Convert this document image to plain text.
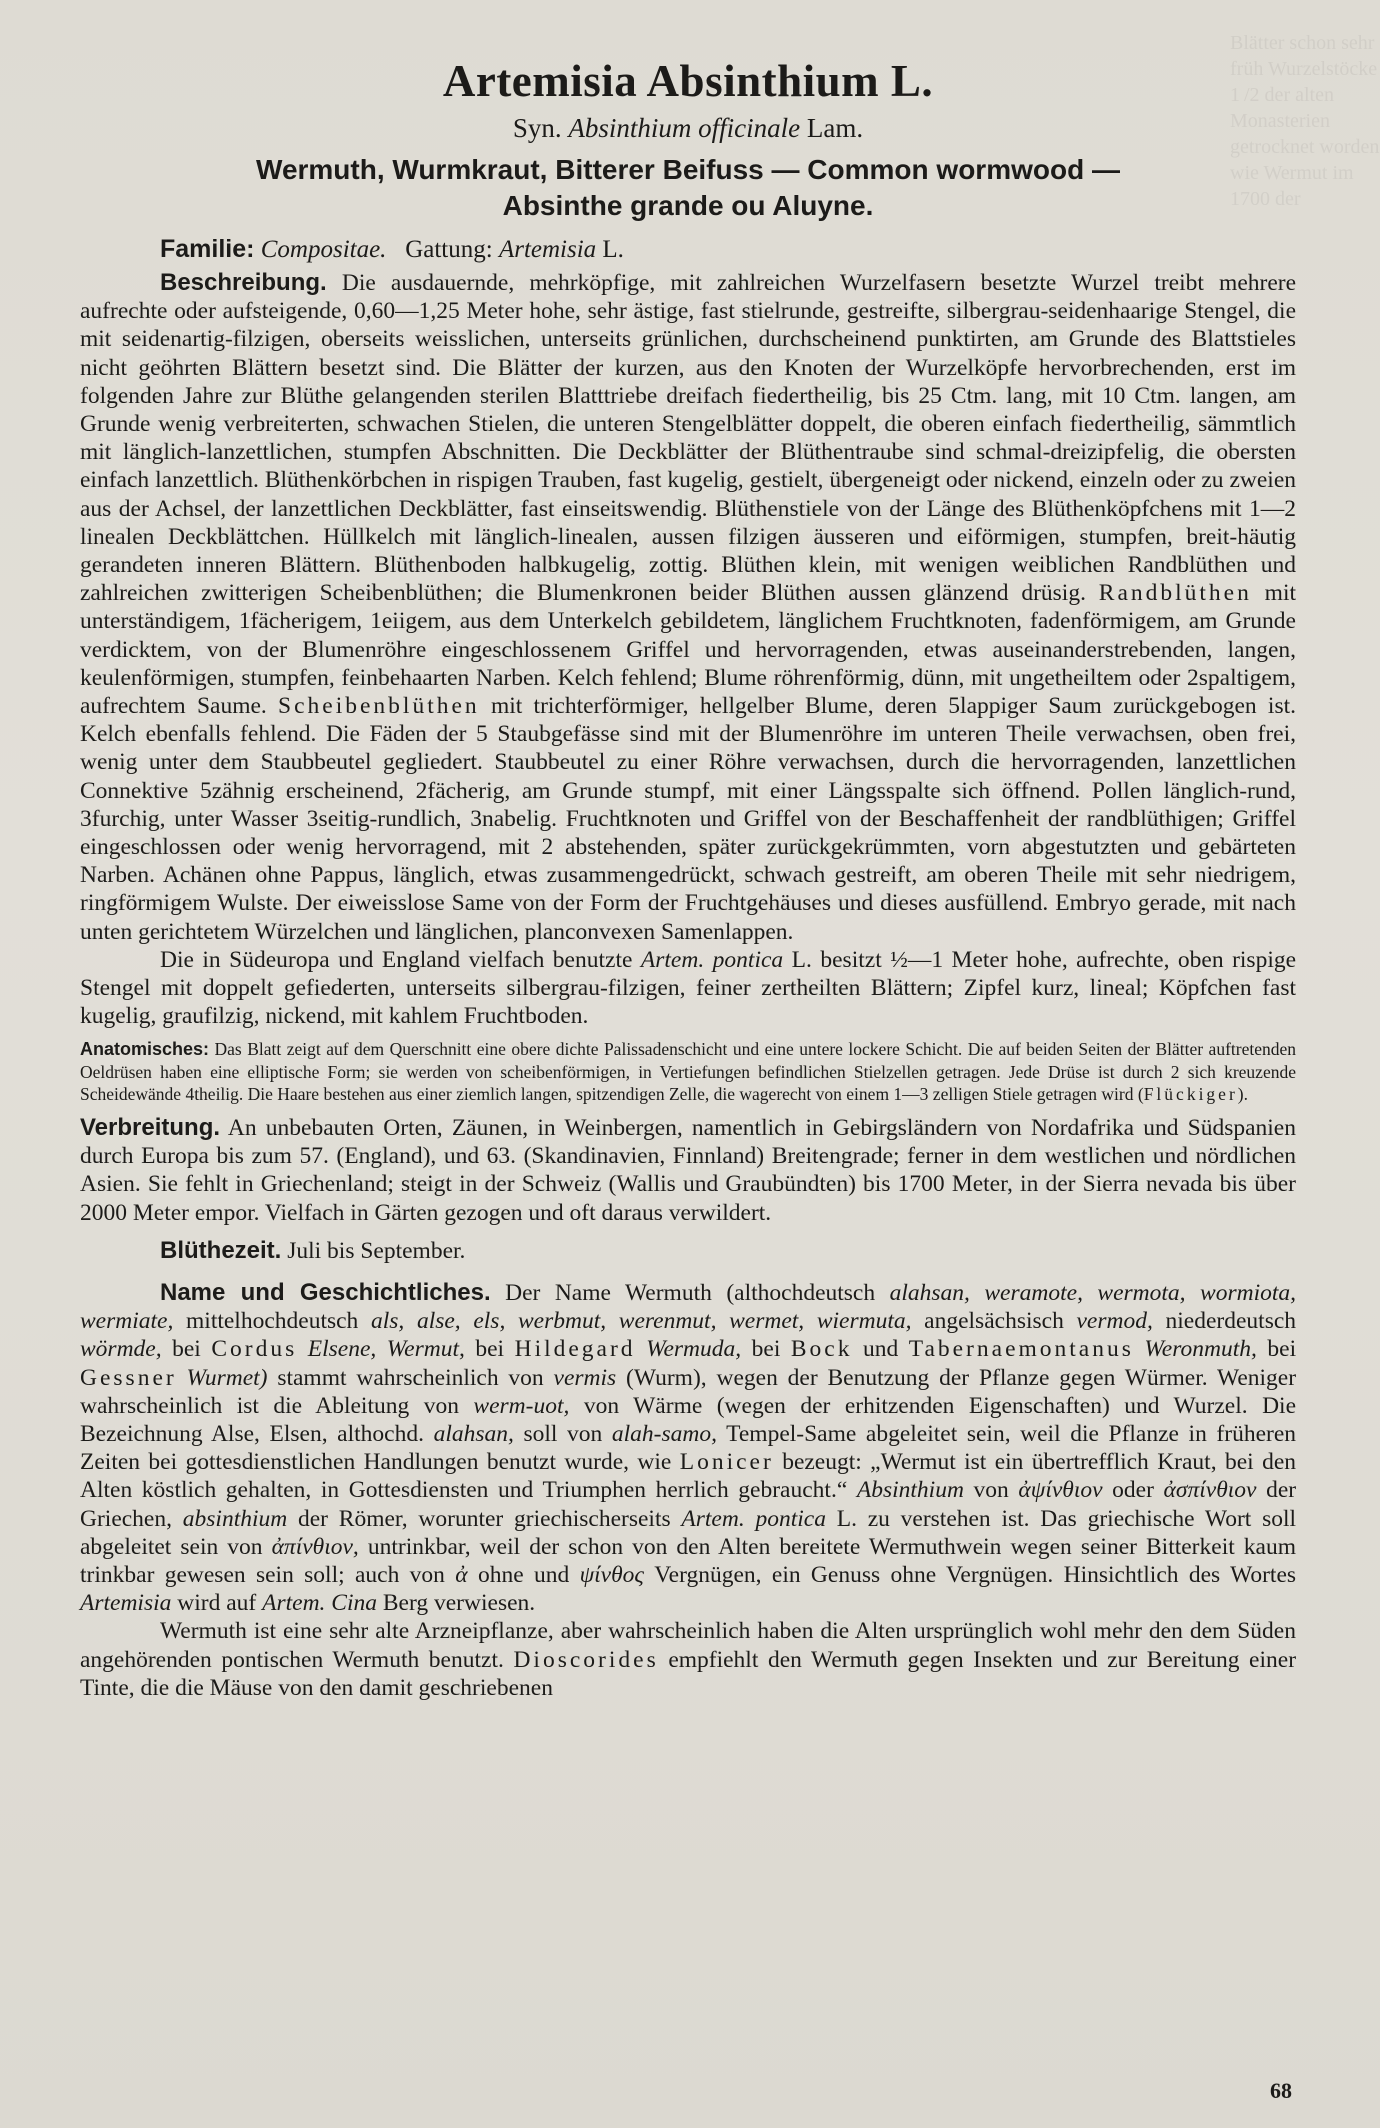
Blätter schon sehr früh Wurzelstöcke 1 /2 der alten Monasterien getrocknet worden wie Wermut im 1700 der
Artemisia Absinthium L.
Syn. Absinthium officinale Lam.
Wermuth, Wurmkraut, Bitterer Beifuss — Common wormwood —
Absinthe grande ou Aluyne.
Familie: Compositae. Gattung: Artemisia L.

Beschreibung. Die ausdauernde, mehrköpfige, mit zahlreichen Wurzelfasern besetzte Wurzel treibt mehrere aufrechte oder aufsteigende, 0,60—1,25 Meter hohe, sehr ästige, fast stielrunde, gestreifte, silbergrau-seidenhaarige Stengel, die mit seidenartig-filzigen, oberseits weisslichen, unterseits grünlichen, durchscheinend punktirten, am Grunde des Blattstieles nicht geöhrten Blättern besetzt sind. Die Blätter der kurzen, aus den Knoten der Wurzelköpfe hervorbrechenden, erst im folgenden Jahre zur Blüthe gelangenden sterilen Blatttriebe dreifach fiedertheilig, bis 25 Ctm. lang, mit 10 Ctm. langen, am Grunde wenig verbreiterten, schwachen Stielen, die unteren Stengelblätter doppelt, die oberen einfach fiedertheilig, sämmtlich mit länglich-lanzettlichen, stumpfen Abschnitten. Die Deckblätter der Blüthentraube sind schmal-dreizipfelig, die obersten einfach lanzettlich. Blüthenkörbchen in rispigen Trauben, fast kugelig, gestielt, übergeneigt oder nickend, einzeln oder zu zweien aus der Achsel, der lanzettlichen Deckblätter, fast einseitswendig. Blüthenstiele von der Länge des Blüthenköpfchens mit 1—2 linealen Deckblättchen. Hüllkelch mit länglich-linealen, aussen filzigen äusseren und eiförmigen, stumpfen, breit-häutig gerandeten inneren Blättern. Blüthenboden halbkugelig, zottig. Blüthen klein, mit wenigen weiblichen Randblüthen und zahlreichen zwitterigen Scheibenblüthen; die Blumenkronen beider Blüthen aussen glänzend drüsig. Randblüthen mit unterständigem, 1fächerigem, 1eiigem, aus dem Unterkelch gebildetem, länglichem Fruchtknoten, fadenförmigem, am Grunde verdicktem, von der Blumenröhre eingeschlossenem Griffel und hervorragenden, etwas auseinanderstrebenden, langen, keulenförmigen, stumpfen, feinbehaarten Narben. Kelch fehlend; Blume röhrenförmig, dünn, mit ungetheiltem oder 2spaltigem, aufrechtem Saume. Scheibenblüthen mit trichterförmiger, hellgelber Blume, deren 5lappiger Saum zurückgebogen ist. Kelch ebenfalls fehlend. Die Fäden der 5 Staubgefässe sind mit der Blumenröhre im unteren Theile verwachsen, oben frei, wenig unter dem Staubbeutel gegliedert. Staubbeutel zu einer Röhre verwachsen, durch die hervorragenden, lanzettlichen Connektive 5zähnig erscheinend, 2fächerig, am Grunde stumpf, mit einer Längsspalte sich öffnend. Pollen länglich-rund, 3furchig, unter Wasser 3seitig-rundlich, 3nabelig. Fruchtknoten und Griffel von der Beschaffenheit der randblüthigen; Griffel eingeschlossen oder wenig hervorragend, mit 2 abstehenden, später zurückgekrümmten, vorn abgestutzten und gebärteten Narben. Achänen ohne Pappus, länglich, etwas zusammengedrückt, schwach gestreift, am oberen Theile mit sehr niedrigem, ringförmigem Wulste. Der eiweisslose Same von der Form der Fruchtgehäuses und dieses ausfüllend. Embryo gerade, mit nach unten gerichtetem Würzelchen und länglichen, planconvexen Samenlappen.

Die in Südeuropa und England vielfach benutzte Artem. pontica L. besitzt ½—1 Meter hohe, aufrechte, oben rispige Stengel mit doppelt gefiederten, unterseits silbergrau-filzigen, feiner zertheilten Blättern; Zipfel kurz, lineal; Köpfchen fast kugelig, graufilzig, nickend, mit kahlem Fruchtboden.

Anatomisches: Das Blatt zeigt auf dem Querschnitt eine obere dichte Palissadenschicht und eine untere lockere Schicht. Die auf beiden Seiten der Blätter auftretenden Oeldrüsen haben eine elliptische Form; sie werden von scheibenförmigen, in Vertiefungen befindlichen Stielzellen getragen. Jede Drüse ist durch 2 sich kreuzende Scheidewände 4theilig. Die Haare bestehen aus einer ziemlich langen, spitzendigen Zelle, die wagerecht von einem 1—3 zelligen Stiele getragen wird (Flückiger).

Verbreitung. An unbebauten Orten, Zäunen, in Weinbergen, namentlich in Gebirgsländern von Nordafrika und Südspanien durch Europa bis zum 57. (England), und 63. (Skandinavien, Finnland) Breitengrade; ferner in dem westlichen und nördlichen Asien. Sie fehlt in Griechenland; steigt in der Schweiz (Wallis und Graubündten) bis 1700 Meter, in der Sierra nevada bis über 2000 Meter empor. Vielfach in Gärten gezogen und oft daraus verwildert.

Blüthezeit. Juli bis September.

Name und Geschichtliches. Der Name Wermuth (althochdeutsch alahsan, weramote, wermota, wormiota, wermiate, mittelhochdeutsch als, alse, els, werbmut, werenmut, wermet, wiermuta, angelsächsisch vermod, niederdeutsch wörmde, bei Cordus Elsene, Wermut, bei Hildegard Wermuda, bei Bock und Tabernaemontanus Weronmuth, bei Gessner Wurmet) stammt wahrscheinlich von vermis (Wurm), wegen der Benutzung der Pflanze gegen Würmer. Weniger wahrscheinlich ist die Ableitung von werm-uot, von Wärme (wegen der erhitzenden Eigenschaften) und Wurzel. Die Bezeichnung Alse, Elsen, althochd. alahsan, soll von alah-samo, Tempel-Same abgeleitet sein, weil die Pflanze in früheren Zeiten bei gottesdienstlichen Handlungen benutzt wurde, wie Lonicer bezeugt: „Wermut ist ein übertrefflich Kraut, bei den Alten köstlich gehalten, in Gottesdiensten und Triumphen herrlich gebraucht.“ Absinthium von ἀψίνθιον oder ἀσπίνθιον der Griechen, absinthium der Römer, worunter griechischerseits Artem. pontica L. zu verstehen ist. Das griechische Wort soll abgeleitet sein von ἀπίνθιον, untrinkbar, weil der schon von den Alten bereitete Wermuthwein wegen seiner Bitterkeit kaum trinkbar gewesen sein soll; auch von ἀ ohne und ψίνθος Vergnügen, ein Genuss ohne Vergnügen. Hinsichtlich des Wortes Artemisia wird auf Artem. Cina Berg verwiesen.

Wermuth ist eine sehr alte Arzneipflanze, aber wahrscheinlich haben die Alten ursprünglich wohl mehr den dem Süden angehörenden pontischen Wermuth benutzt. Dioscorides empfiehlt den Wermuth gegen Insekten und zur Bereitung einer Tinte, die die Mäuse von den damit geschriebenen

68
